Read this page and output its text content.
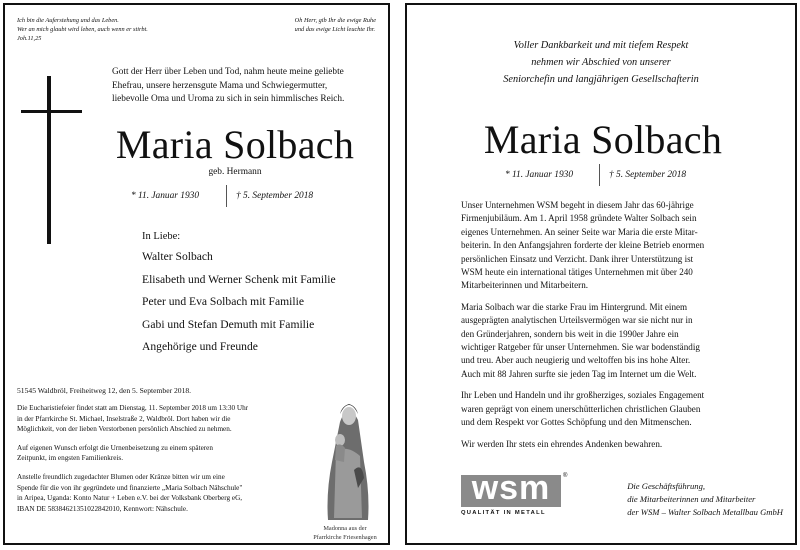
Ich bin die Auferstehung und das Leben.
Wer an mich glaubt wird leben, auch wenn er stirbt.
Joh.11,25
Oh Herr, gib Ihr die ewige Ruhe
und das ewige Licht leuchte Ihr.
Gott der Herr über Leben und Tod, nahm heute meine geliebte
Ehefrau, unsere herzensgute Mama und Schwiegermutter,
liebevolle Oma und Uroma zu sich in sein himmlisches Reich.
Maria Solbach
geb. Hermann
* 11. Januar 1930	† 5. September 2018
In Liebe:
Walter Solbach
Elisabeth und Werner Schenk mit Familie
Peter und Eva Solbach mit Familie
Gabi und Stefan Demuth mit Familie
Angehörige und Freunde
51545 Waldbröl, Freiheitweg 12, den 5. September 2018.
Die Eucharistiefeier findet statt am Dienstag, 11. September 2018 um 13:30 Uhr
in der Pfarrkirche St. Michael, Inselstraße 2, Waldbröl. Dort haben wir die
Möglichkeit, von der lieben Verstorbenen persönlich Abschied zu nehmen.
Auf eigenen Wunsch erfolgt die Urnenbeisetzung zu einem späteren
Zeitpunkt, im engsten Familienkreis.
Anstelle freundlich zugedachter Blumen oder Kränze bitten wir um eine
Spende für die von ihr gegründete und finanzierte „Maria Solbach Nähschule"
in Aripea, Uganda: Konto Natur + Leben e.V. bei der Volksbank Oberberg eG,
IBAN DE 58384621351022842010, Kennwort: Nähschule.
Madonna aus der
Pfarrkirche Friesenhagen
Voller Dankbarkeit und mit tiefem Respekt
nehmen wir Abschied von unserer
Seniorchefin und langjährigen Gesellschafterin
Maria Solbach
* 11. Januar 1930	† 5. September 2018
Unser Unternehmen WSM begeht in diesem Jahr das 60-jährige
Firmenjubiläum. Am 1. April 1958 gründete Walter Solbach sein
eigenes Unternehmen. An seiner Seite war Maria die erste Mitar-
beiterin. In den Anfangsjahren forderte der kleine Betrieb enormen
persönlichen Einsatz und Verzicht. Dank ihrer Unterstützung ist
WSM heute ein international tätiges Unternehmen mit über 240
Mitarbeiterinnen und Mitarbeitern.
Maria Solbach war die starke Frau im Hintergrund. Mit einem
ausgeprägten analytischen Urteilsvermögen war sie nicht nur in
den Gründerjahren, sondern bis weit in die 1990er Jahre ein
wichtiger Ratgeber für unser Unternehmen. Sie war bodenständig
und treu. Aber auch neugierig und weltoffen bis ins hohe Alter.
Auch mit 88 Jahren surfte sie jeden Tag im Internet um die Welt.
Ihr Leben und Handeln und ihr großherziges, soziales Engagement
waren geprägt von einem unerschütterlichen christlichen Glauben
und dem Respekt vor Gottes Schöpfung und den Mitmenschen.
Wir werden Ihr stets ein ehrendes Andenken bewahren.
wsm	®
QUALITÄT IN METALL
Die Geschäftsführung,
die Mitarbeiterinnen und Mitarbeiter
der WSM – Walter Solbach Metallbau GmbH
